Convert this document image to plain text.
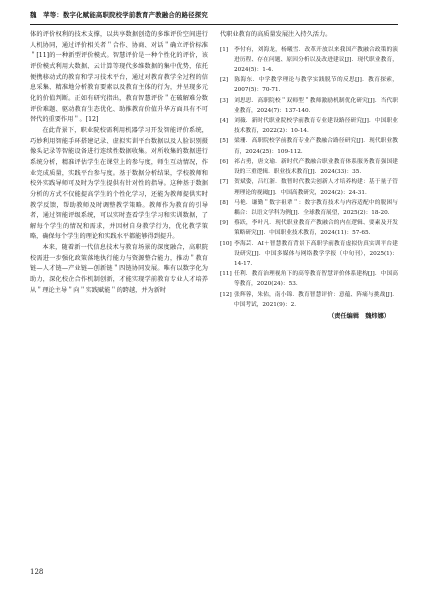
魏　苹等：数字化赋能高职院校学前教育产教融合的路径探究

体的评价权利的技术支撑，以共享数据创造的多维评价空间进行人机协同，通过评价相关者＂合作、协商、对话＂确立评价标准＂[11]的一种新型评价模式。智慧评价是一种个性化的评价，该评价模式利用大数据、云计算等现代多维数据的集中优势，依托便携移动式的教育和学习技术平台，通过对教育教学全过程的信息采集、精准地分析教育要素以及教育主体的行为，并呈现多元化的价值判断。正如有研究指出，教育智慧评价＂在破解难分数评价难题、驱动教育生态优化、助推教育价值升华方面具有不可替代的重要作用＂。[12]

在此背景下，职业院校需利用机器学习开发智能评价系统，巧妙利用智能手环搭建记录、虚拟实训平台数据以及人脸识别摄像头记录等智能设备进行连续性数据收集。对所收集的数据进行系统分析，精准评估学生在课堂上的参与度，师生互动情况，作业完成质量，实践平台参与度。基于数据分析结果，学校教师和校外实践导师可及时为学生提供有针对性的指导。这种基于数据分析的方式不仅能提高学生的个性化学习，还能为教师提供实时教学反馈，帮助教师及时调整教学策略。教师作为教育的引导者，通过智能评级系统，可以实时查看学生学习和实训数据，了解每个学生的情况和需求，并因材自身教学行为，优化教学策略，确保每个学生的理论和实践水平都能够得到提升。

本来，随着新一代信息技术与教育场景的深度融合，高职院校需进一步强化政策落地执行能力与资源整合能力，推动＂教育链—人才链—产业链—创新链＂四链协同发展。唯有以数字化为助力，深化校企合作机制创新，才能实现学前教育专业人才培养从＂理论主导＂向＂实践赋能＂的跨越，并为新时

代职业教育的高质量发展注入持久活力。

[1] 李付有，刘海龙，杨曦雪．改革开放以来我国产教融合政策的演进历程、存在问题、原因分析以及改进建议[J]．现代职业教育，2024(5)：1-4.

[2] 陈海东．中学教学理论与教学实践脱节的反思[J]．教育探索，2007(5)：70-71.

[3] 刘思思．高职院校＂双师型＂教师激励机制优化研究[J]．当代职业教育，2024(7)：137-140.

[4] 刘薇．新时代职业院校学前教育专业建设路径研究[J]．中国职业技术教育，2022(2)：10-14.

[5] 梁珊．高职院校学前教育专业产教融合路径研究[J]．现代职业教育，2024(25)：109-112.

[6] 祁占勇，唐文瑜．新时代产教融合职业教育体系服务教育强国建设的三重逻辑．职业技术教育[J]．2024(33)：35.

[7] 贺斌姿，吕红浙．数智时代教尖创新人才培养构建：基于量子管理理论的视阈[J]．中国高教研究，2024(2)：24-31.

[8] 马艳．谦勤＂数字祖辈＂：数字教育技术与内容适配中的脱困与耦合：以语文学科为例[J]．全球教育展望，2025(2)：18-20.

[9] 蔡跃，李叶凡．现代职业教育产教融合的内在逻辑、要素及开发策略研究[J]．中国职业技术教育，2024(11)：57-65.

[10] 李海芸．AI＋智慧教育背景下高职学前教育虚拟仿真实训平台建设研究[J]．中国多媒体与网络教学学报（中旬刊），2025(1)：14-17.

[11] 任利．教育治理视角下的高等教育智慧评价体系建构[J]．中国高等教育，2020(24)：53.

[12] 张辉蓉，朱佑，南小锦．教育智慧评价：意蕴、阵痛与挑战[J]．中国考试，2021(9)：2.

（责任编辑　魏炜娜）
128
